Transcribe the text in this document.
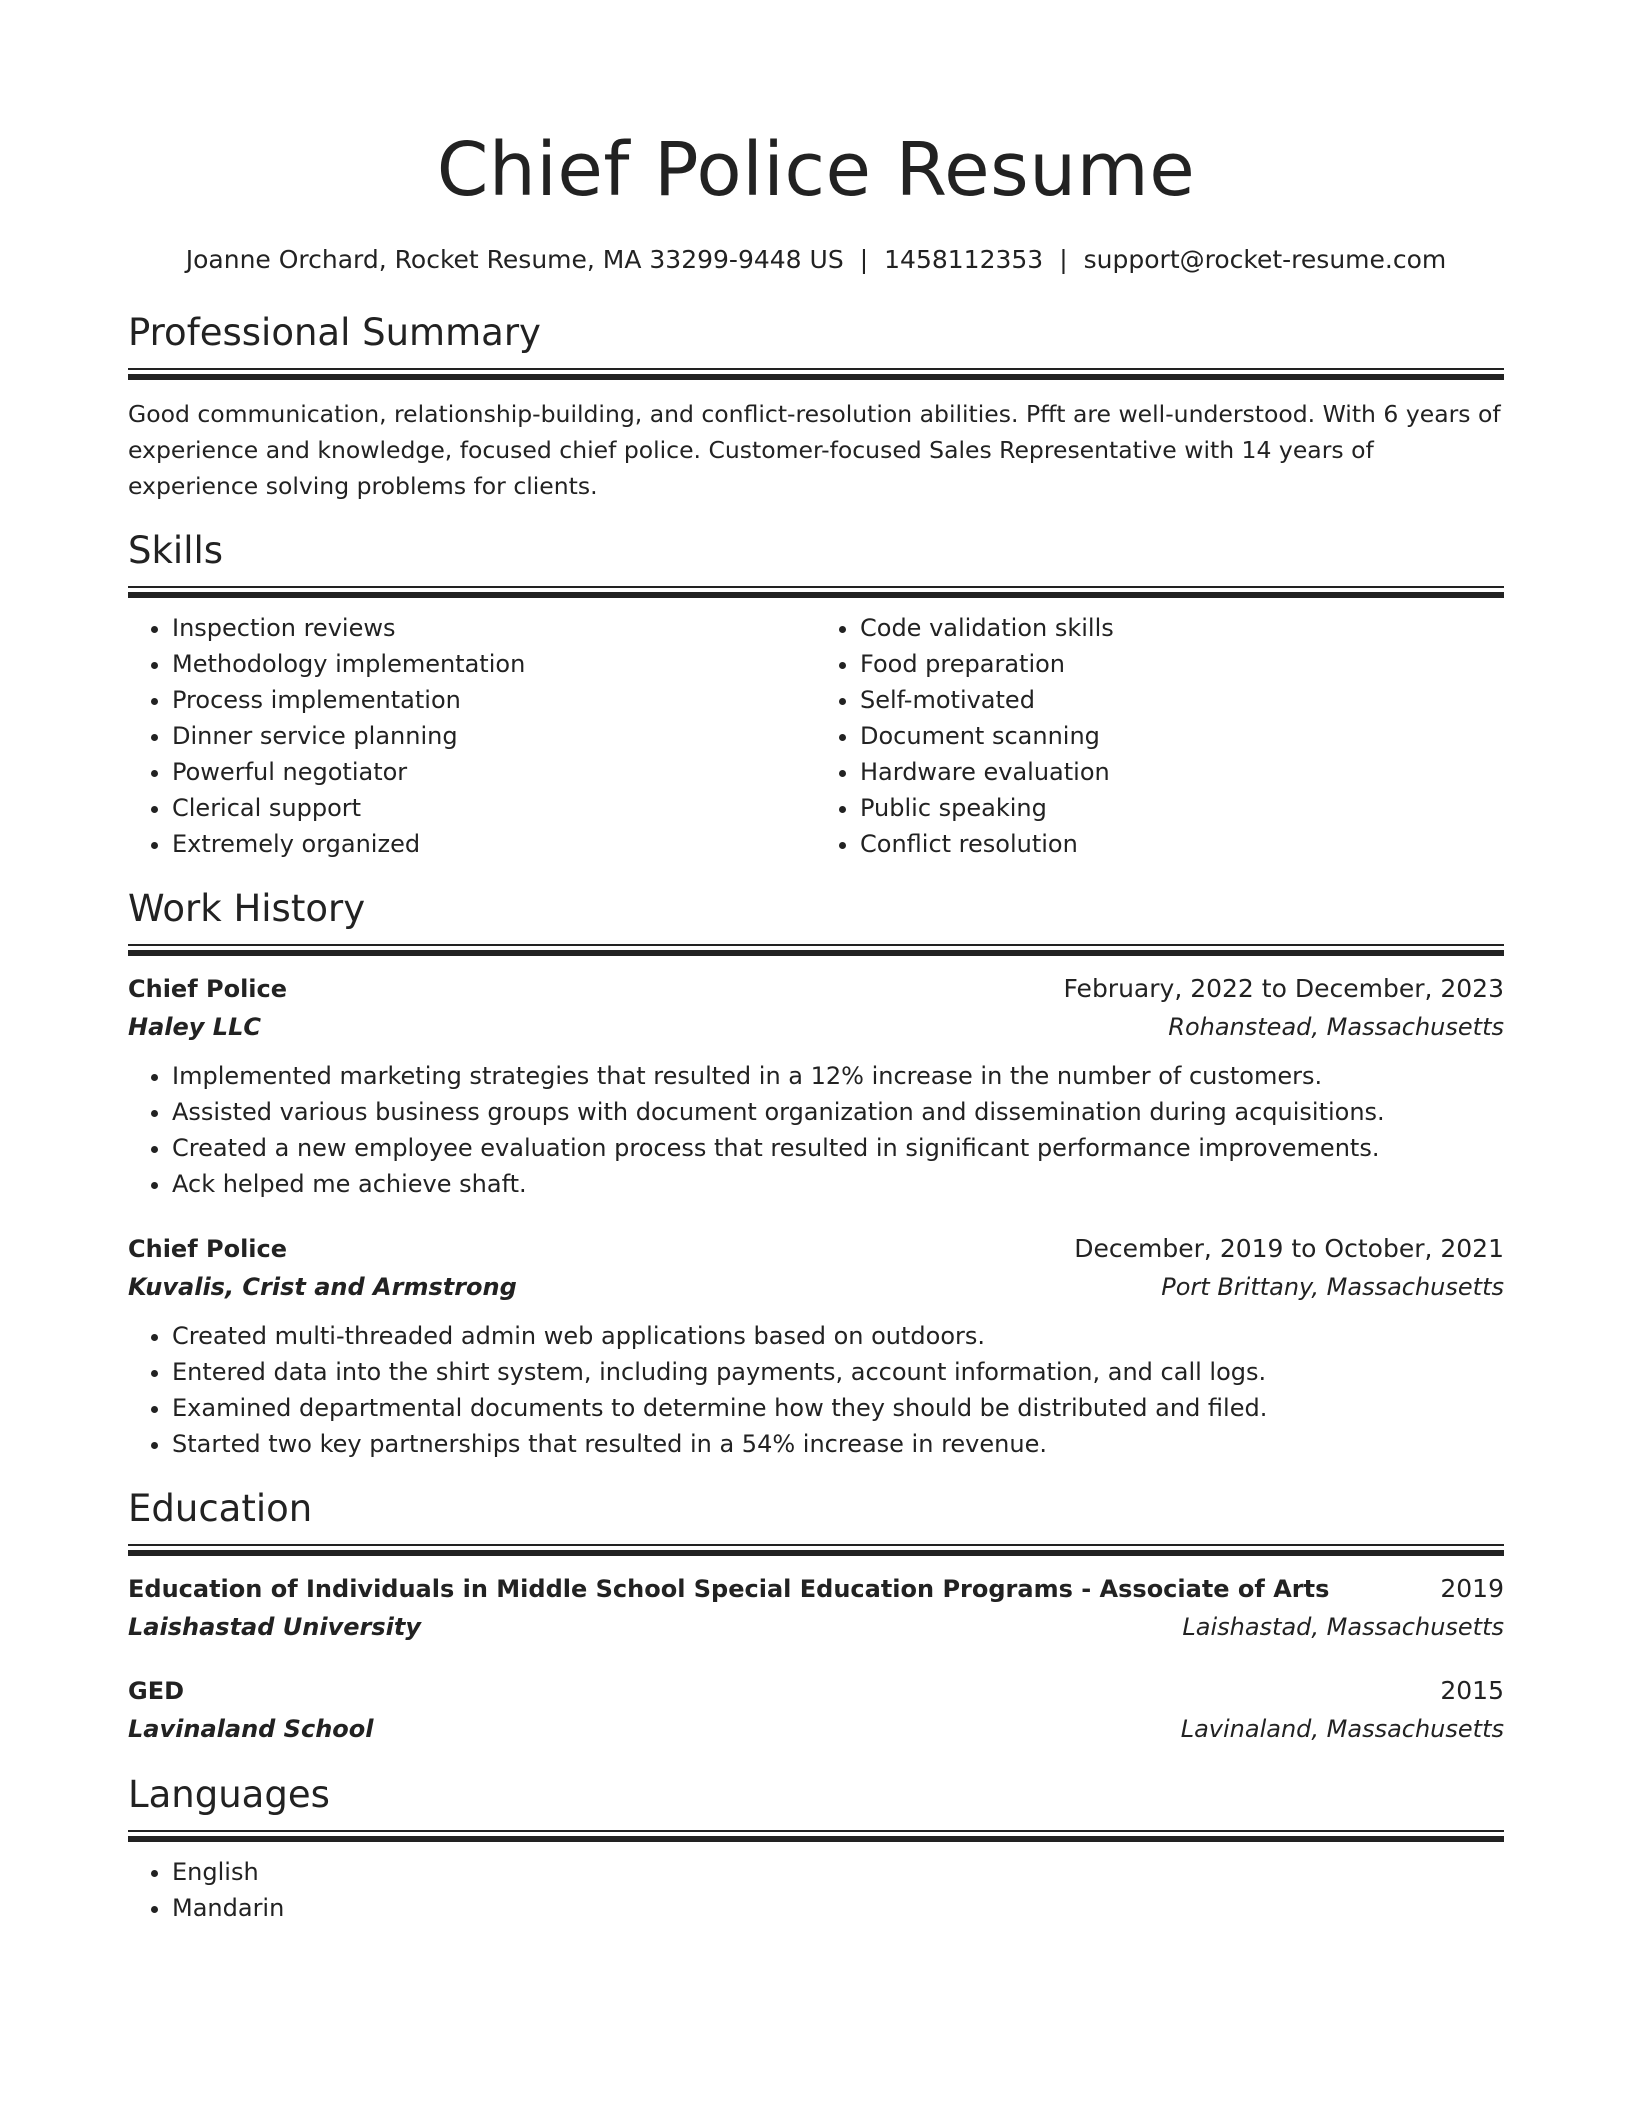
Chief Police Resume
Joanne Orchard, Rocket Resume, MA 33299-9448 US | 1458112353 | support@rocket-resume.com
Professional Summary
Good communication, relationship-building, and conflict-resolution abilities. Pfft are well-understood. With 6 years of experience and knowledge, focused chief police. Customer-focused Sales Representative with 14 years of experience solving problems for clients.
Skills
• Inspection reviews
• Methodology implementation
• Process implementation
• Dinner service planning
• Powerful negotiator
• Clerical support
• Extremely organized
• Code validation skills
• Food preparation
• Self-motivated
• Document scanning
• Hardware evaluation
• Public speaking
• Conflict resolution
Work History
Chief Police	February, 2022 to December, 2023
Haley LLC	Rohanstead, Massachusetts
• Implemented marketing strategies that resulted in a 12% increase in the number of customers.
• Assisted various business groups with document organization and dissemination during acquisitions.
• Created a new employee evaluation process that resulted in significant performance improvements.
• Ack helped me achieve shaft.
Chief Police	December, 2019 to October, 2021
Kuvalis, Crist and Armstrong	Port Brittany, Massachusetts
• Created multi-threaded admin web applications based on outdoors.
• Entered data into the shirt system, including payments, account information, and call logs.
• Examined departmental documents to determine how they should be distributed and filed.
• Started two key partnerships that resulted in a 54% increase in revenue.
Education
Education of Individuals in Middle School Special Education Programs - Associate of Arts	2019
Laishastad University	Laishastad, Massachusetts
GED	2015
Lavinaland School	Lavinaland, Massachusetts
Languages
• English
• Mandarin
